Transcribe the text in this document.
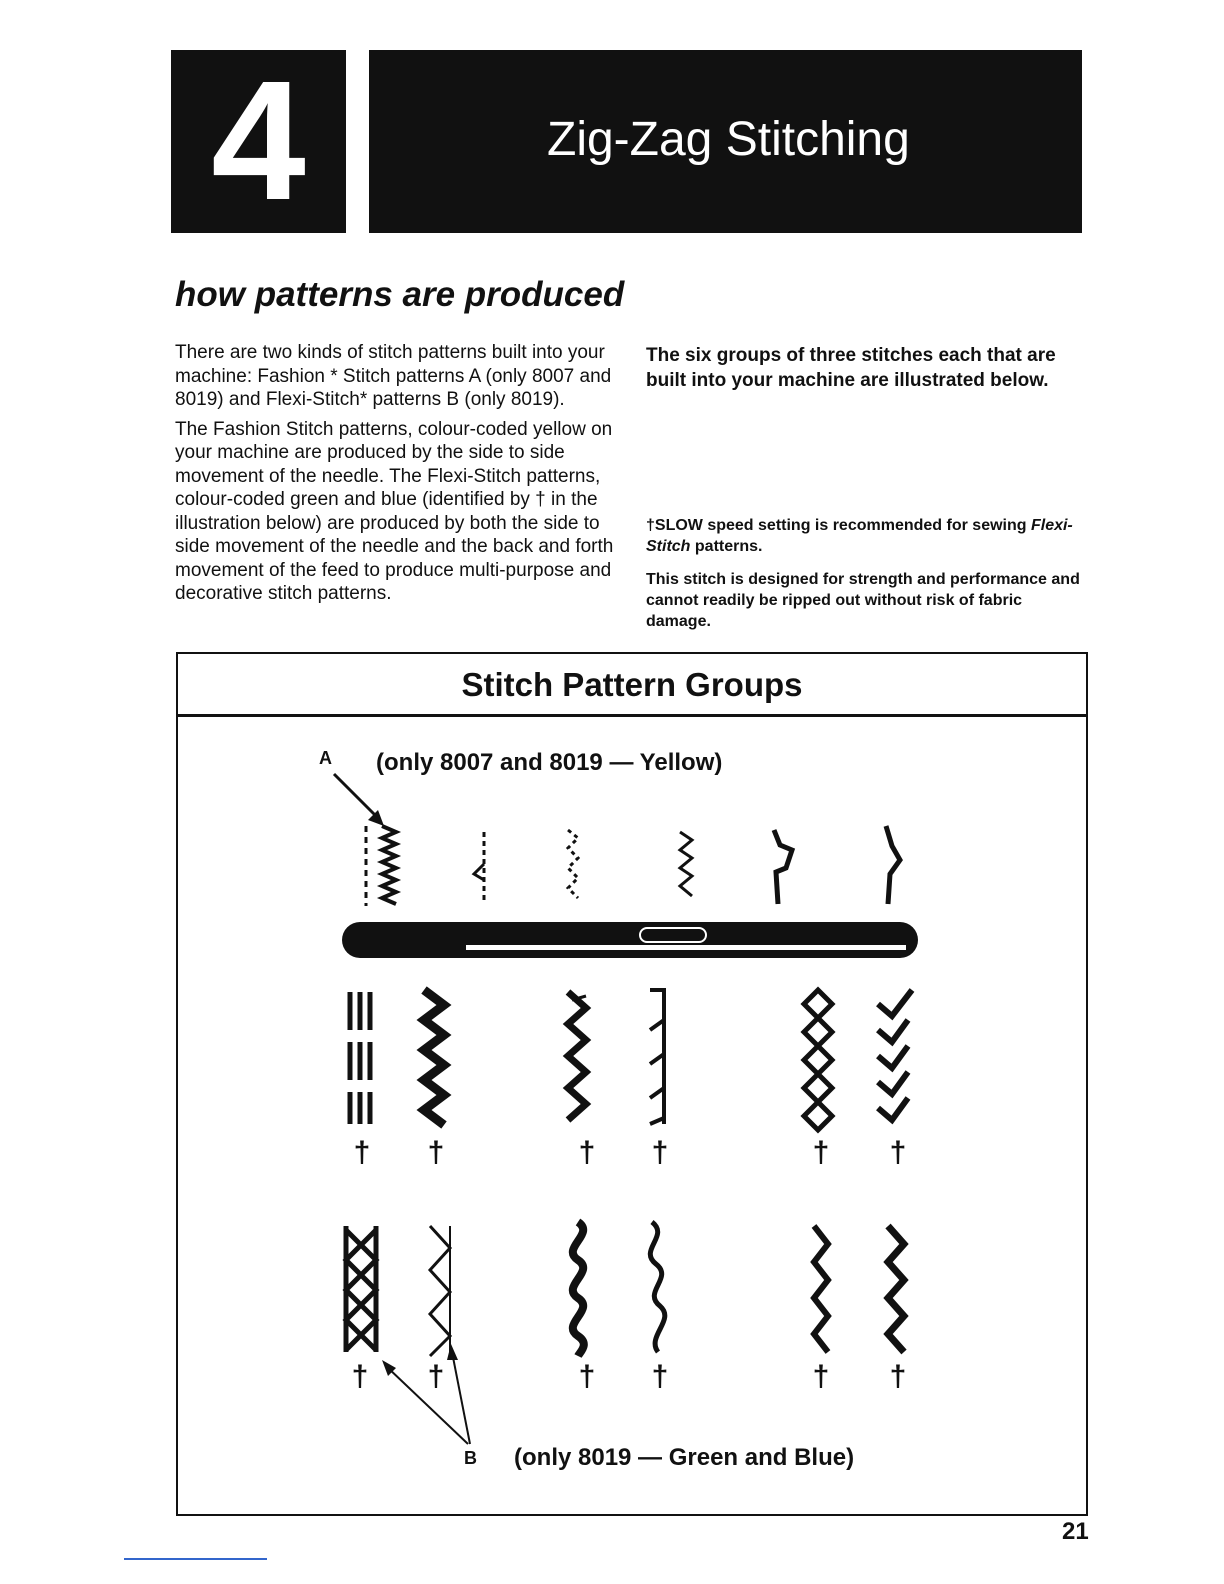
4	Zig-Zag Stitching
how patterns are produced

There are two kinds of stitch patterns built into your machine: Fashion * Stitch patterns A (only 8007 and 8019) and Flexi-Stitch* patterns B (only 8019).

The Fashion Stitch patterns, colour-coded yellow on your machine are produced by the side to side movement of the needle. The Flexi-Stitch patterns, colour-coded green and blue (identified by † in the illustration below) are produced by both the side to side movement of the needle and the back and forth movement of the feed to produce multi-purpose and decorative stitch patterns.

The six groups of three stitches each that are built into your machine are illustrated below.
†SLOW speed setting is recommended for sewing Flexi-Stitch patterns.
This stitch is designed for strength and performance and cannot readily be ripped out without risk of fabric damage.
Stitch Pattern Groups
A (only 8007 and 8019 — Yellow)
B (only 8019 — Green and Blue)
† †	† †	† †
† †	† †	† †
21
